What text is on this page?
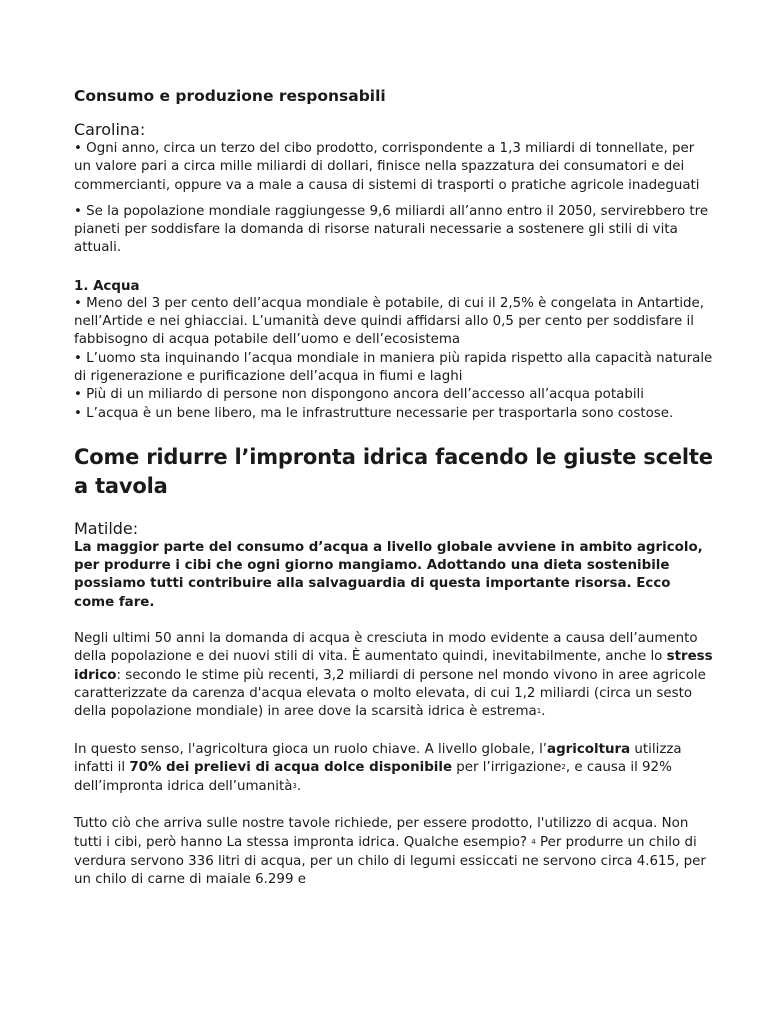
Consumo e produzione responsabili

Carolina:

• Ogni anno, circa un terzo del cibo prodotto, corrispondente a 1,3 miliardi di tonnellate, per un valore pari a circa mille miliardi di dollari, finisce nella spazzatura dei consumatori e dei commercianti, oppure va a male a causa di sistemi di trasporti o pratiche agricole inadeguati

• Se la popolazione mondiale raggiungesse 9,6 miliardi all’anno entro il 2050, servirebbero tre pianeti per soddisfare la domanda di risorse naturali necessarie a sostenere gli stili di vita attuali.

1. Acqua

• Meno del 3 per cento dell’acqua mondiale è potabile, di cui il 2,5% è congelata in Antartide, nell’Artide e nei ghiacciai. L’umanità deve quindi affidarsi allo 0,5 per cento per soddisfare il fabbisogno di acqua potabile dell’uomo e dell’ecosistema
• L’uomo sta inquinando l’acqua mondiale in maniera più rapida rispetto alla capacità naturale di rigenerazione e purificazione dell’acqua in fiumi e laghi
• Più di un miliardo di persone non dispongono ancora dell’accesso all’acqua potabili
• L’acqua è un bene libero, ma le infrastrutture necessarie per trasportarla sono costose.

Come ridurre l’impronta idrica facendo le giuste scelte a tavola

Matilde:

La maggior parte del consumo d’acqua a livello globale avviene in ambito agricolo, per produrre i cibi che ogni giorno mangiamo. Adottando una dieta sostenibile possiamo tutti contribuire alla salvaguardia di questa importante risorsa. Ecco come fare.

Negli ultimi 50 anni la domanda di acqua è cresciuta in modo evidente a causa dell’aumento della popolazione e dei nuovi stili di vita. È aumentato quindi, inevitabilmente, anche lo stress idrico: secondo le stime più recenti, 3,2 miliardi di persone nel mondo vivono in aree agricole caratterizzate da carenza d'acqua elevata o molto elevata, di cui 1,2 miliardi (circa un sesto della popolazione mondiale) in aree dove la scarsità idrica è estrema$^1$.

In questo senso, l'agricoltura gioca un ruolo chiave. A livello globale, l’agricoltura utilizza infatti il 70% dei prelievi di acqua dolce disponibile per l’irrigazione$^2$, e causa il 92% dell’impronta idrica dell’umanità$^3$.

Tutto ciò che arriva sulle nostre tavole richiede, per essere prodotto, l'utilizzo di acqua. Non tutti i cibi, però hanno La stessa impronta idrica. Qualche esempio? $^4$ Per produrre un chilo di verdura servono 336 litri di acqua, per un chilo di legumi essiccati ne servono circa 4.615, per un chilo di carne di maiale 6.299 e
